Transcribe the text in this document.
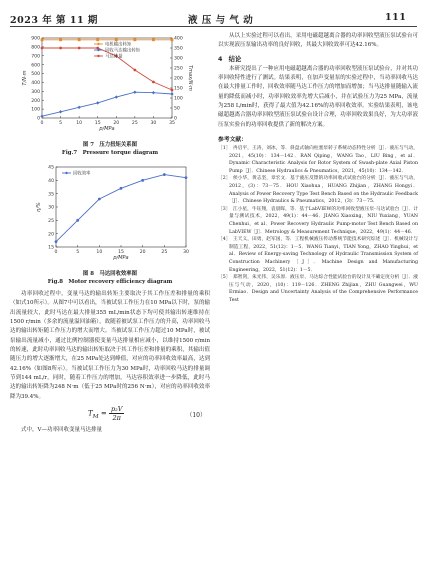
2023 年 第 11 期	液 压 与 气 动	111
0	5	10	15	20	25	30	35
p/MPa
0
100
200
300
400
500
600
700
800
900
T/N·m
0
50
100
150
200
250
300
350
400
Tmax/N·m
电机输出转矩
回收马达输出转矩
马达排量

图 7　压力扭矩关系图

Fig.7　Pressure torque diagram

0	5	10	15	20	25	30
p/MPa
15
20
25
30
35
40
45
η/%
回收效率

图 8　马达回收效率图

Fig.8　Motor recovery efficiency diagram

功率回收过程中，变量马达的输出转矩主要取决于其工作压差和排量的乘积（如式10所示）。从图7中可以看出，当被试泵工作压力在10 MPa以下时，泵的输出流量较大，此时马达在最大排量355 mL/min状态下均可使其输出转速维持在1500 r/min（多余的流量溢回油箱），故随着被试泵工作压力的升高，功率回收马达的输出转矩随工作压力的增大而增大。当被试泵工作压力超过10 MPa时，被试泵输出流量减小，通过比例控制器使变量马达排量相应减小，以维持1500 r/min的转速，此时功率回收马达的输出转矩取决于其工作压差和排量的乘积，其输出值随压力的增大逐渐增大，在25 MPa处达到峰值，对应的功率回收效率最高，达到42.16%（如图8所示）。当被试泵工作压力为30 MPa时，功率回收马达的排量调节到144 mL/r，同时，随着工作压力的增加，马达容积效率进一步降低，此时马达的输出转矩降为248 N·m（低于25 MPa时的256 N·m），对应的功率回收效率降为39.4%。

$T_M = \frac{\text{p₂V}}{2\pi}$	（10）

式中，V—功率回收变量马达排量

从以上实验过程可以看出，采用电磁超越离合器的功率回收型液压泵试验台可以实现液压泵输出功率的良好回收，其最大回收效率可达42.16%。

4　结论

本研究提出了一种应用电磁超越离合器的功率回收型液压泵试验台，并对其功率回收特性进行了测试。结果表明，在加声变量泵的实验过程中，当功率回收马达在最大排量工作时，回收效率随马达工作压力的增加而增加；当马达排量随输入流量的降低而减小时，功率回收效率先增大后减小，并在试验压力为25 MPa，流量为258 L/min时，获得了最大值为42.16%的功率回收效率。实验结果表明，该电磁超越离合器功率回收型液压泵试验台设计合理，功率回收效果良好，为大功率液压泵实验台的功率回收提供了新的解决方案。

参考文献：

［1］　冉启平，王涛，刘冰，等．斜盘式轴向柱塞泵转子系统动态特性分析［J］．液压与气动，2021，45(10)：134－142．RAN Qiping，WANG Tao，LIU Bing，et al．Dynamic Characteristic Analysis for Rotor System of Swash-plate Axial Piston Pump［J］．Chinese Hydraulics & Pneumatics，2021，45(10)：134－142．

［2］　侯小华，黄志坚，章宏文．基于液压反馈的功率回收式试验台的分析［J］．液压与气动，2012，(3)：73－75．HOU Xiaohua，HUANG Zhijian，ZHANG Hongyi．Analysis of Power Recovery Type Test Bench Based on the Hydraulic Feedback［J］．Chinese Hydraulics & Pneumatics，2012，(3)：73－75．

［3］　江小星，牛钰翔，袁晨晖，等．基于LabVIEW的功率回收型液压泵-马达试验台［J］．计量与测试技术，2022，49(1)：44－46．JIANG Xiaoxing，NIU Yuxiang，YUAN Chenhui，et al．Power Recovery Hydraulic Pump-motor Test Bench Based on LabVIEW［J］．Metrology & Measurement Technique，2022，49(1)：44－46．

［4］　王天义，田勇，赵军国，等．工程机械液压传动系统节能技术研究综述［J］．机械设计与制造工程，2022，51(12)：1－5．WANG Tianyi，TIAN Yong，ZHAO Yinghui，et al．Review of Energy-saving Technology of Hydraulic Transmission System of Construction Machinery［J］．Machine Design and Manufacturing Engineering，2022，51(12)：1－5．

［5］　郑智剑，朱光伟，吴乐原．液压泵、马达综合性能试验台的设计及不确定度分析［J］．液压与气动，2020，(10)：119－126．ZHENG Zhijian，ZHU Guangwei，WU Ermiao．Design and Uncertainty Analysis of the Comprehensive Performance Test
